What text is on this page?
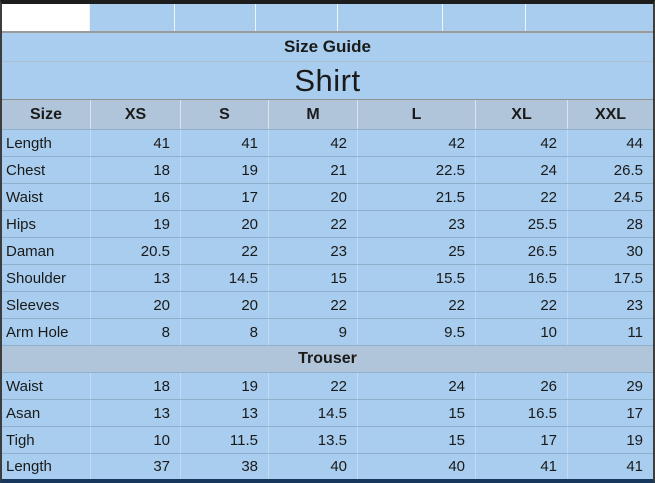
Size Guide
Shirt
Size	XS	S	M	L	XL	XXL
Length	41	41	42	42	42	44
Chest	18	19	21	22.5	24	26.5
Waist	16	17	20	21.5	22	24.5
Hips	19	20	22	23	25.5	28
Daman	20.5	22	23	25	26.5	30
Shoulder	13	14.5	15	15.5	16.5	17.5
Sleeves	20	20	22	22	22	23
Arm Hole	8	8	9	9.5	10	11
Trouser
Waist	18	19	22	24	26	29
Asan	13	13	14.5	15	16.5	17
Tigh	10	11.5	13.5	15	17	19
Length	37	38	40	40	41	41
